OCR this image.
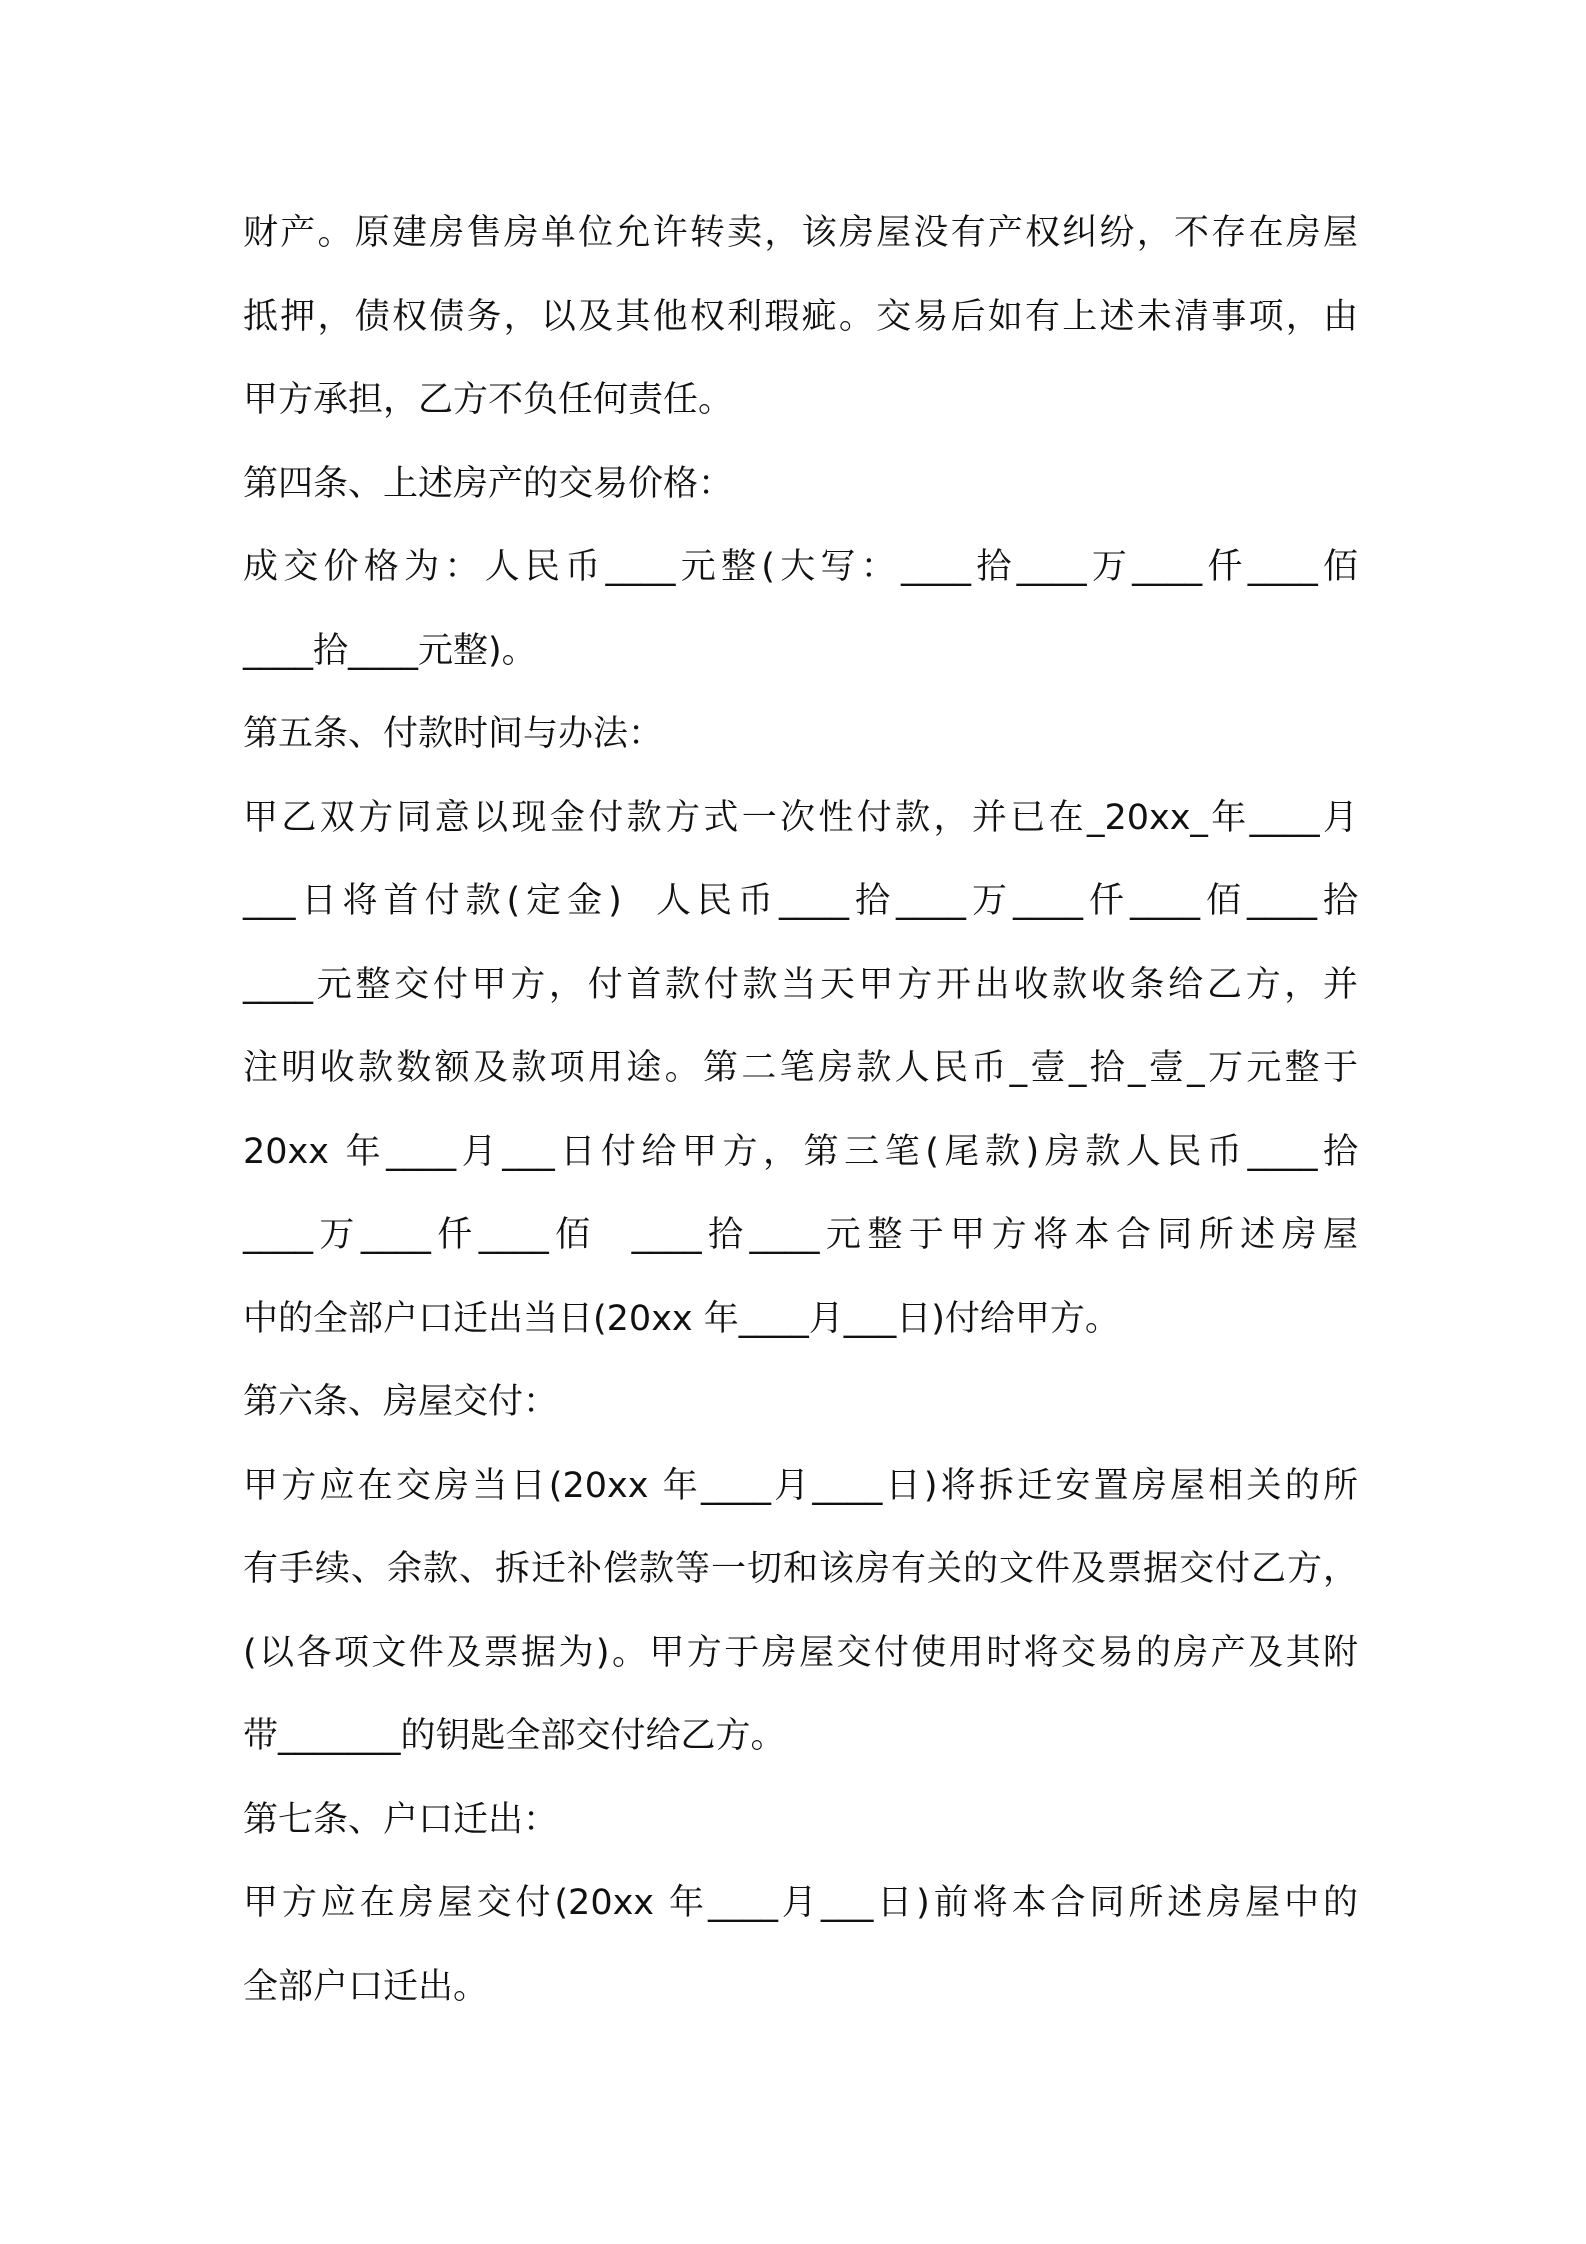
财产。原建房售房单位允许转卖，该房屋没有产权纠纷，不存在房屋
抵押，债权债务，以及其他权利瑕疵。交易后如有上述未清事项，由
甲方承担，乙方不负任何责任。
第四条、上述房产的交易价格：
成交价格为：人民币____元整(大写：____拾____万____仟____佰
____拾____元整)。
第五条、付款时间与办法：
甲乙双方同意以现金付款方式一次性付款，并已在_20xx_年____月
___日将首付款(定金)  人民币____拾____万____仟____佰____拾
____元整交付甲方，付首款付款当天甲方开出收款收条给乙方，并
注明收款数额及款项用途。第二笔房款人民币_壹_拾_壹_万元整于
20xx 年____月___日付给甲方，第三笔(尾款)房款人民币____拾
____万____仟____佰  ____拾____元整于甲方将本合同所述房屋
中的全部户口迁出当日(20xx 年____月___日)付给甲方。
第六条、房屋交付：
甲方应在交房当日(20xx 年____月____日)将拆迁安置房屋相关的所
有手续、余款、拆迁补偿款等一切和该房有关的文件及票据交付乙方，
(以各项文件及票据为)。甲方于房屋交付使用时将交易的房产及其附
带_______的钥匙全部交付给乙方。
第七条、户口迁出：
甲方应在房屋交付(20xx 年____月___日)前将本合同所述房屋中的
全部户口迁出。
